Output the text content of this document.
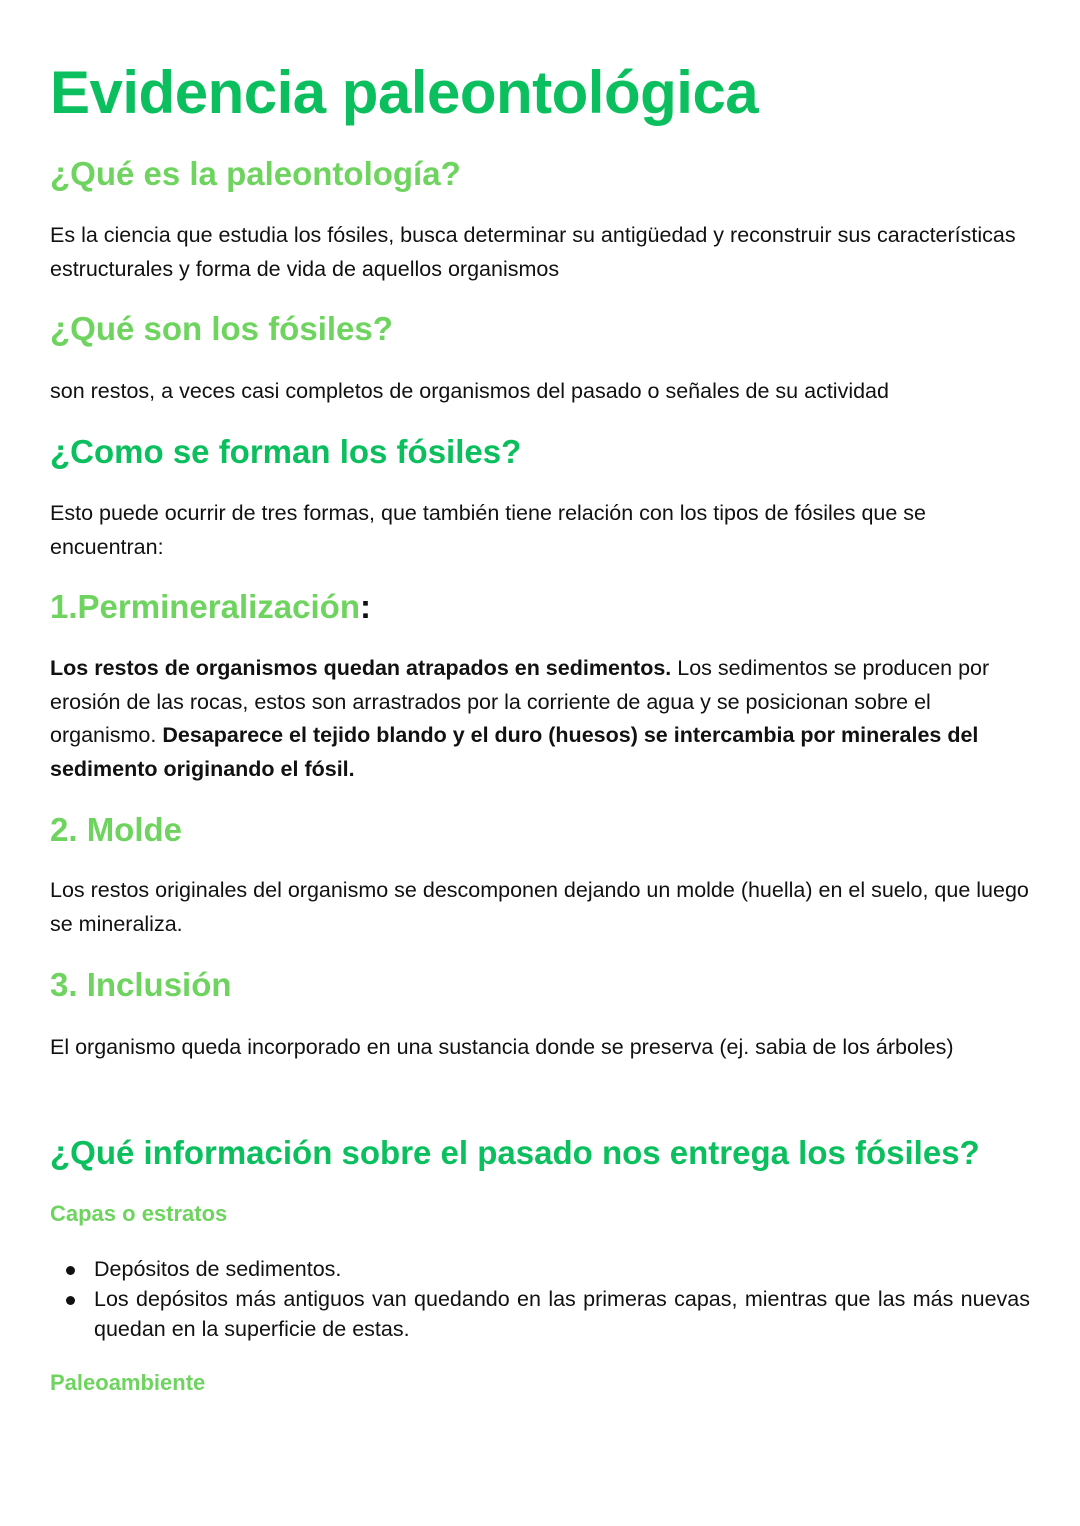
Evidencia paleontológica
¿Qué es la paleontología?
Es la ciencia que estudia los fósiles, busca determinar su antigüedad y reconstruir sus características estructurales y forma de vida de aquellos organismos
¿Qué son los fósiles?
son restos, a veces casi completos de organismos del pasado o señales de su actividad
¿Como se forman los fósiles?
Esto puede ocurrir de tres formas, que también tiene relación con los tipos de fósiles que se encuentran:
1.Permineralización:
Los restos de organismos quedan atrapados en sedimentos. Los sedimentos se producen por erosión de las rocas, estos son arrastrados por la corriente de agua y se posicionan sobre el organismo. Desaparece el tejido blando y el duro (huesos) se intercambia por minerales del sedimento originando el fósil.
2. Molde
Los restos originales del organismo se descomponen dejando un molde (huella) en el suelo, que luego se mineraliza.
3. Inclusión
El organismo queda incorporado en una sustancia donde se preserva (ej. sabia de los árboles)
¿Qué información sobre el pasado nos entrega los fósiles?
Capas o estratos
Depósitos de sedimentos.
Los depósitos más antiguos van quedando en las primeras capas, mientras que las más nuevas quedan en la superficie de estas.
Paleoambiente
